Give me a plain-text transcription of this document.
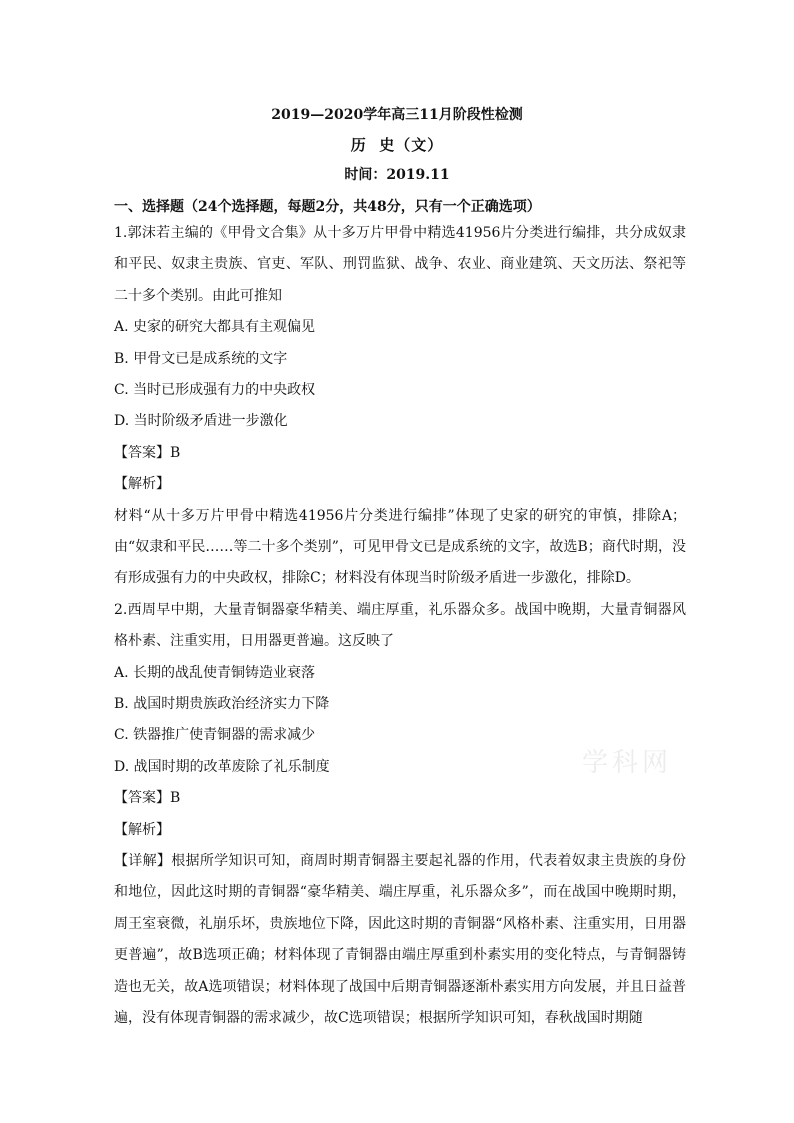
2019—2020学年高三11月阶段性检测
历  史（文）
时间：2019.11
一、选择题（24个选择题，每题2分，共48分，只有一个正确选项）
1.郭沫若主编的《甲骨文合集》从十多万片甲骨中精选41956片分类进行编排，共分成奴隶和平民、奴隶主贵族、官吏、军队、刑罚监狱、战争、农业、商业建筑、天文历法、祭祀等二十多个类别。由此可推知
A. 史家的研究大都具有主观偏见
B. 甲骨文已是成系统的文字
C. 当时已形成强有力的中央政权
D. 当时阶级矛盾进一步激化
【答案】B
【解析】
材料“从十多万片甲骨中精选41956片分类进行编排”体现了史家的研究的审慎，排除A；由“奴隶和平民……等二十多个类别”，可见甲骨文已是成系统的文字，故选B；商代时期，没有形成强有力的中央政权，排除C；材料没有体现当时阶级矛盾进一步激化，排除D。
2.西周早中期，大量青铜器豪华精美、端庄厚重，礼乐器众多。战国中晚期，大量青铜器风格朴素、注重实用，日用器更普遍。这反映了
A. 长期的战乱使青铜铸造业衰落
B. 战国时期贵族政治经济实力下降
C. 铁器推广使青铜器的需求减少
D. 战国时期的改革废除了礼乐制度
【答案】B
【解析】
【详解】根据所学知识可知，商周时期青铜器主要起礼器的作用，代表着奴隶主贵族的身份和地位，因此这时期的青铜器“豪华精美、端庄厚重，礼乐器众多”，而在战国中晚期时期，周王室衰微，礼崩乐坏，贵族地位下降，因此这时期的青铜器“风格朴素、注重实用，日用器更普遍”，故B选项正确；材料体现了青铜器由端庄厚重到朴素实用的变化特点，与青铜器铸造也无关，故A选项错误；材料体现了战国中后期青铜器逐渐朴素实用方向发展，并且日益普遍，没有体现青铜器的需求减少，故C选项错误；根据所学知识可知，春秋战国时期随
学科网
